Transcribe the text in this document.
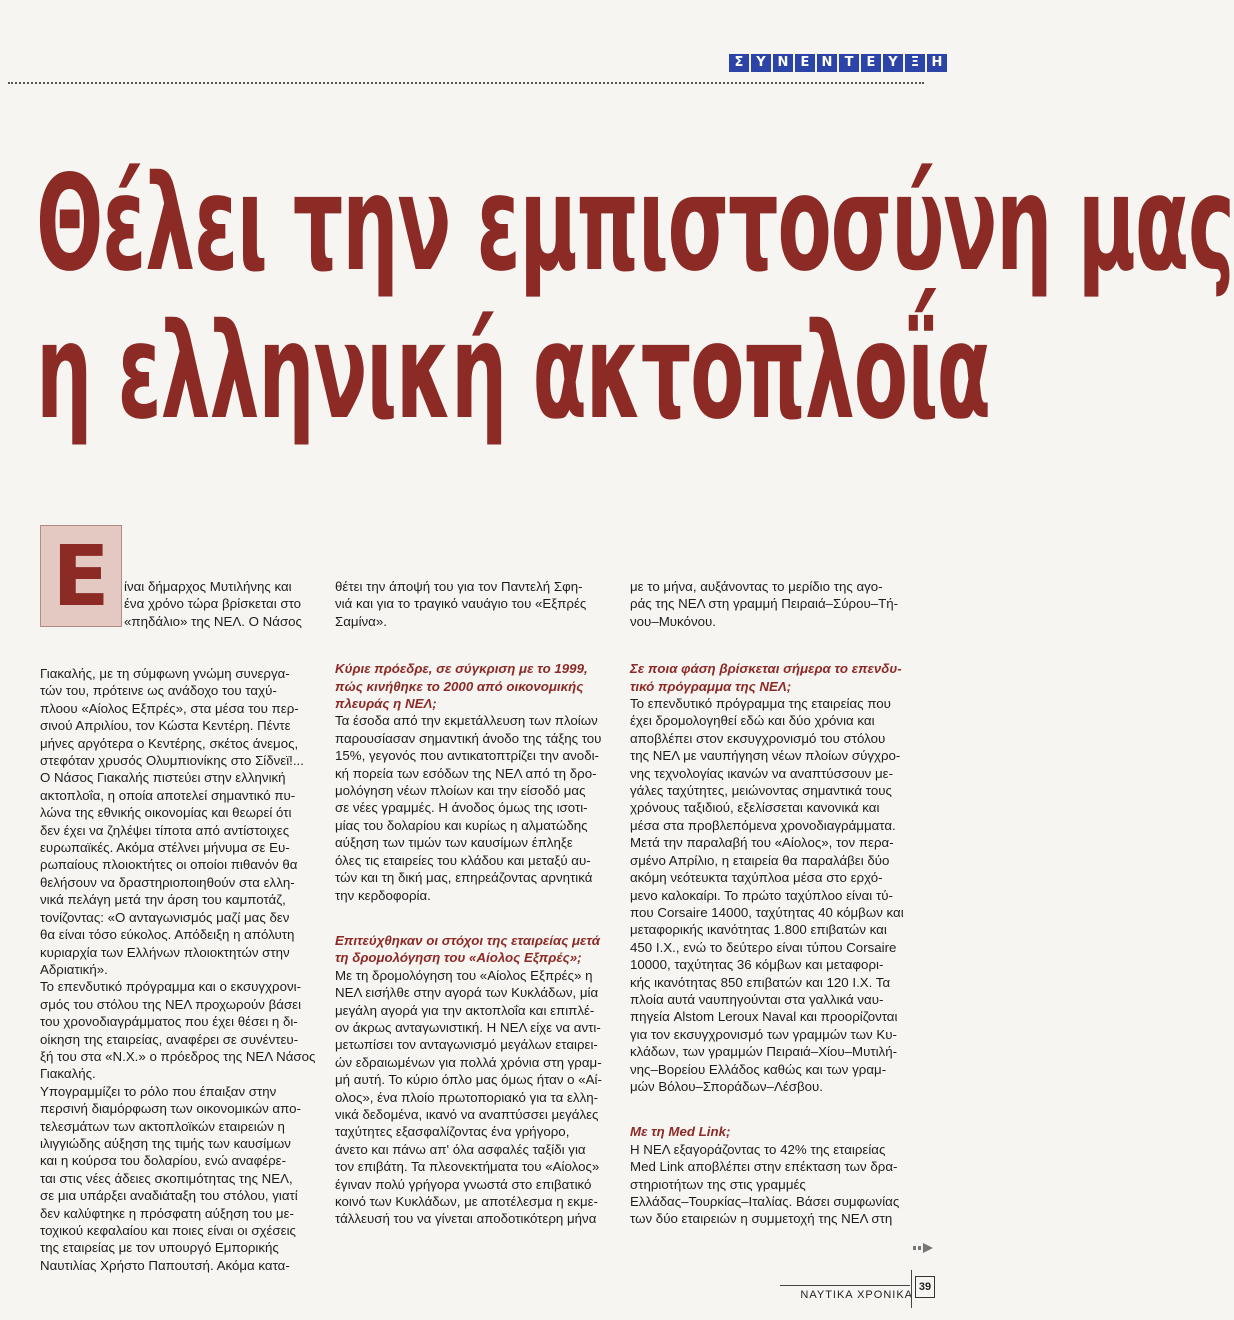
Σ Υ Ν Ε Ν Τ	Ε Υ	Ξ Η
Θέλει την εμπιστοσύνη μας
η ελληνική ακτοπλοΐα
Ε	ίναι δήμαρχος Μυτιλήνης και
ένα χρόνο τώρα βρίσκεται στο
«πηδάλιο» της ΝΕΛ. Ο Νάσος

Γιακαλής, με τη σύμφωνη γνώμη συνεργα-
τών του, πρότεινε ως ανάδοχο του ταχύ-
πλοου «Αίολος Εξπρές», στα μέσα του περ-
σινού Απριλίου, τον Κώστα Κεντέρη. Πέντε
μήνες αργότερα ο Κεντέρης, σκέτος άνεμος,
στεφόταν χρυσός Ολυμπιονίκης στο Σίδνεϊ!...
Ο Νάσος Γιακαλής πιστεύει στην ελληνική
ακτοπλοΐα, η οποία αποτελεί σημαντικό πυ-
λώνα της εθνικής οικονομίας και θεωρεί ότι
δεν έχει να ζηλέψει τίποτα από αντίστοιχες
ευρωπαϊκές. Ακόμα στέλνει μήνυμα σε Ευ-
ρωπαίους πλοιοκτήτες οι οποίοι πιθανόν θα
θελήσουν να δραστηριοποιηθούν στα ελλη-
νικά πελάγη μετά την άρση του καμποτάζ,
τονίζοντας: «Ο ανταγωνισμός μαζί μας δεν
θα είναι τόσο εύκολος. Απόδειξη η απόλυτη
κυριαρχία των Ελλήνων πλοιοκτητών στην
Αδριατική».

Το επενδυτικό πρόγραμμα και ο εκσυγχρονι-
σμός του στόλου της ΝΕΛ προχωρούν βάσει
του χρονοδιαγράμματος που έχει θέσει η δι-
οίκηση της εταιρείας, αναφέρει σε συνέντευ-
ξή του στα «Ν.Χ.» ο πρόεδρος της ΝΕΛ Νάσος
Γιακαλής.

Υπογραμμίζει το ρόλο που έπαιξαν στην
περσινή διαμόρφωση των οικονομικών απο-
τελεσμάτων των ακτοπλοϊκών εταιρειών η
ιλιγγιώδης αύξηση της τιμής των καυσίμων
και η κούρσα του δολαρίου, ενώ αναφέρε-
ται στις νέες άδειες σκοπιμότητας της ΝΕΛ,
σε μια υπάρξει αναδιάταξη του στόλου, γιατί
δεν καλύφτηκε η πρόσφατη αύξηση του με-
τοχικού κεφαλαίου και ποιες είναι οι σχέσεις
της εταιρείας με τον υπουργό Εμπορικής
Ναυτιλίας Χρήστο Παπουτσή. Ακόμα κατα-

θέτει την άποψή του για τον Παντελή Σφη-
νιά και για το τραγικό ναυάγιο του «Εξπρές
Σαμίνα».

Κύριε πρόεδρε, σε σύγκριση με το 1999,
πώς κινήθηκε το 2000 από οικονομικής
πλευράς η ΝΕΛ;

Τα έσοδα από την εκμετάλλευση των πλοίων
παρουσίασαν σημαντική άνοδο της τάξης του
15%, γεγονός που αντικατοπτρίζει την ανοδι-
κή πορεία των εσόδων της ΝΕΛ από τη δρο-
μολόγηση νέων πλοίων και την είσοδό μας
σε νέες γραμμές. Η άνοδος όμως της ισοτι-
μίας του δολαρίου και κυρίως η αλματώδης
αύξηση των τιμών των καυσίμων έπληξε
όλες τις εταιρείες του κλάδου και μεταξύ αυ-
τών και τη δική μας, επηρεάζοντας αρνητικά
την κερδοφορία.

Επιτεύχθηκαν οι στόχοι της εταιρείας μετά
τη δρομολόγηση του «Αίολος Εξπρές»;

Με τη δρομολόγηση του «Αίολος Εξπρές» η
ΝΕΛ εισήλθε στην αγορά των Κυκλάδων, μία
μεγάλη αγορά για την ακτοπλοΐα και επιπλέ-
ον άκρως ανταγωνιστική. Η ΝΕΛ είχε να αντι-
μετωπίσει τον ανταγωνισμό μεγάλων εταιρει-
ών εδραιωμένων για πολλά χρόνια στη γραμ-
μή αυτή. Το κύριο όπλο μας όμως ήταν ο «Αί-
ολος», ένα πλοίο πρωτοποριακό για τα ελλη-
νικά δεδομένα, ικανό να αναπτύσσει μεγάλες
ταχύτητες εξασφαλίζοντας ένα γρήγορο,
άνετο και πάνω απ' όλα ασφαλές ταξίδι για
τον επιβάτη. Τα πλεονεκτήματα του «Αίολος»
έγιναν πολύ γρήγορα γνωστά στο επιβατικό
κοινό των Κυκλάδων, με αποτέλεσμα η εκμε-
τάλλευσή του να γίνεται αποδοτικότερη μήνα

με το μήνα, αυξάνοντας το μερίδιο της αγο-
ράς της ΝΕΛ στη γραμμή Πειραιά–Σύρου–Τή-
νου–Μυκόνου.

Σε ποια φάση βρίσκεται σήμερα το επενδυ-
τικό πρόγραμμα της ΝΕΛ;

Το επενδυτικό πρόγραμμα της εταιρείας που
έχει δρομολογηθεί εδώ και δύο χρόνια και
αποβλέπει στον εκσυγχρονισμό του στόλου
της ΝΕΛ με ναυπήγηση νέων πλοίων σύγχρο-
νης τεχνολογίας ικανών να αναπτύσσουν με-
γάλες ταχύτητες, μειώνοντας σημαντικά τους
χρόνους ταξιδιού, εξελίσσεται κανονικά και
μέσα στα προβλεπόμενα χρονοδιαγράμματα.
Μετά την παραλαβή του «Αίολος», τον περα-
σμένο Απρίλιο, η εταιρεία θα παραλάβει δύο
ακόμη νεότευκτα ταχύπλοα μέσα στο ερχό-
μενο καλοκαίρι. Το πρώτο ταχύπλοο είναι τύ-
που Corsaire 14000, ταχύτητας 40 κόμβων και
μεταφορικής ικανότητας 1.800 επιβατών και
450 Ι.Χ., ενώ το δεύτερο είναι τύπου Corsaire
10000, ταχύτητας 36 κόμβων και μεταφορι-
κής ικανότητας 850 επιβατών και 120 Ι.Χ. Τα
πλοία αυτά ναυπηγούνται στα γαλλικά ναυ-
πηγεία Alstom Leroux Naval και προορίζονται
για τον εκσυγχρονισμό των γραμμών των Κυ-
κλάδων, των γραμμών Πειραιά–Χίου–Μυτιλή-
νης–Βορείου Ελλάδος καθώς και των γραμ-
μών Βόλου–Σποράδων–Λέσβου.

Με τη Med Link;

Η ΝΕΛ εξαγοράζοντας το 42% της εταιρείας
Med Link αποβλέπει στην επέκταση των δρα-
στηριοτήτων της στις γραμμές
Ελλάδας–Τουρκίας–Ιταλίας. Βάσει συμφωνίας
των δύο εταιρειών η συμμετοχή της ΝΕΛ στη

ΝΑΥΤΙΚΑ ΧΡΟΝΙΚΑ
39
